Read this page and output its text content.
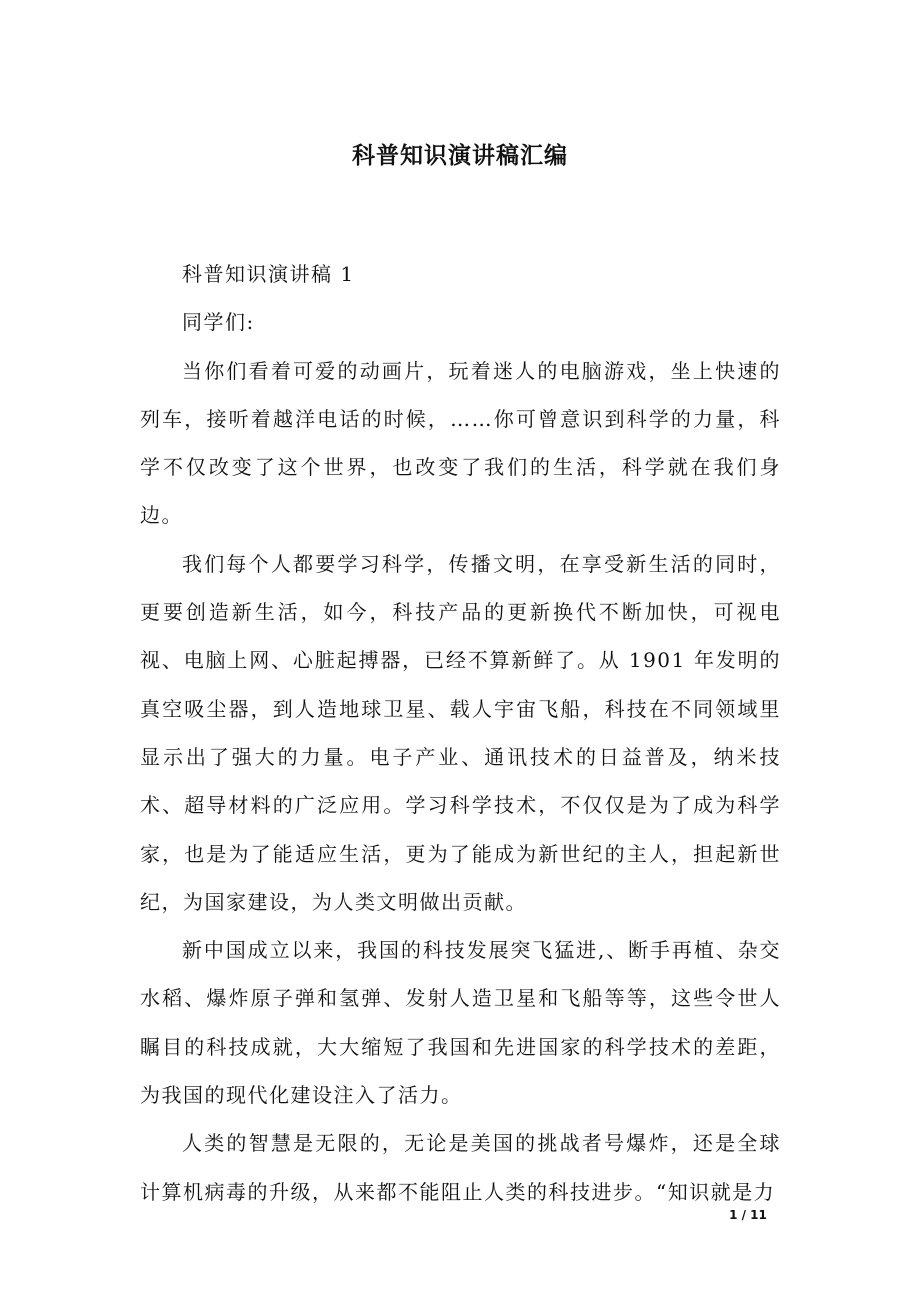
科普知识演讲稿汇编

科普知识演讲稿 1

同学们:

当你们看着可爱的动画片，玩着迷人的电脑游戏，坐上快速的列车，接听着越洋电话的时候，……你可曾意识到科学的力量，科学不仅改变了这个世界，也改变了我们的生活，科学就在我们身边。

我们每个人都要学习科学，传播文明，在享受新生活的同时，更要创造新生活，如今，科技产品的更新换代不断加快，可视电视、电脑上网、心脏起搏器，已经不算新鲜了。从 1901 年发明的真空吸尘器，到人造地球卫星、载人宇宙飞船，科技在不同领域里显示出了强大的力量。电子产业、通讯技术的日益普及，纳米技术、超导材料的广泛应用。学习科学技术，不仅仅是为了成为科学家，也是为了能适应生活，更为了能成为新世纪的主人，担起新世纪，为国家建设，为人类文明做出贡献。

新中国成立以来，我国的科技发展突飞猛进,、断手再植、杂交水稻、爆炸原子弹和氢弹、发射人造卫星和飞船等等，这些令世人瞩目的科技成就，大大缩短了我国和先进国家的科学技术的差距，为我国的现代化建设注入了活力。

人类的智慧是无限的，无论是美国的挑战者号爆炸，还是全球计算机病毒的升级，从来都不能阻止人类的科技进步。“知识就是力

1 / 11
